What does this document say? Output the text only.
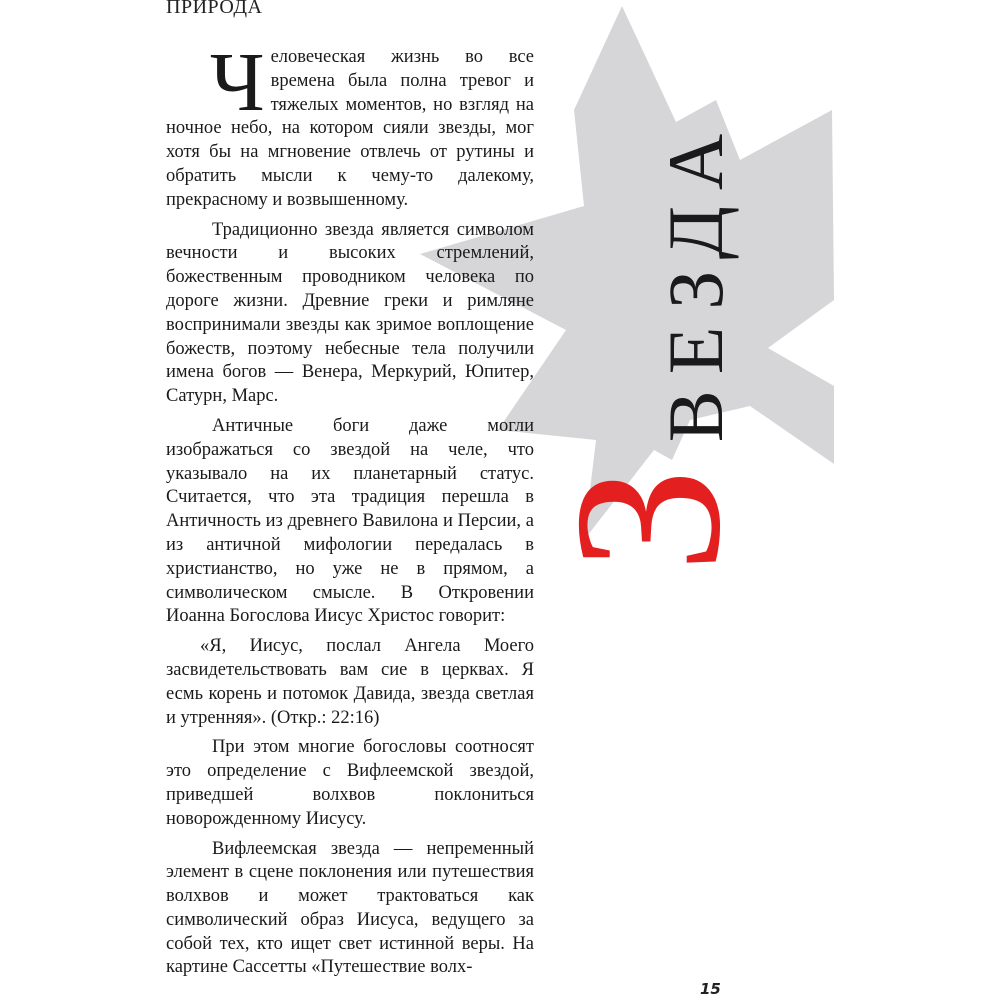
ПРИРОДА

Человеческая жизнь во все времена была полна тревог и тяжелых моментов, но взгляд на ночное небо, на котором сияли звезды, мог хотя бы на мгновение отвлечь от рутины и обратить мысли к чему-то далекому, прекрасному и возвышенному.

Традиционно звезда является символом вечности и высоких стремлений, божественным проводником человека по дороге жизни. Древние греки и римляне воспринимали звезды как зримое воплощение божеств, поэтому небесные тела получили имена богов — Венера, Меркурий, Юпитер, Сатурн, Марс.

Античные боги даже могли изображаться со звездой на челе, что указывало на их планетарный статус. Считается, что эта традиция перешла в Античность из древнего Вавилона и Персии, а из античной мифологии передалась в христианство, но уже не в прямом, а символическом смысле. В Откровении Иоанна Богослова Иисус Христос говорит:

«Я, Иисус, послал Ангела Моего засвидетельствовать вам сие в церквах. Я есмь корень и потомок Давида, звезда светлая и утренняя». (Откр.: 22:16)

При этом многие богословы соотносят это определение с Вифлеемской звездой, приведшей волхвов поклониться новорожденному Иисусу.

Вифлеемская звезда — непременный элемент в сцене поклонения или путешествия волхвов и может трактоваться как символический образ Иисуса, ведущего за собой тех, кто ищет свет истинной веры. На картине Сассетты «Путешествие волх-

ВЕЗДА
З
15
